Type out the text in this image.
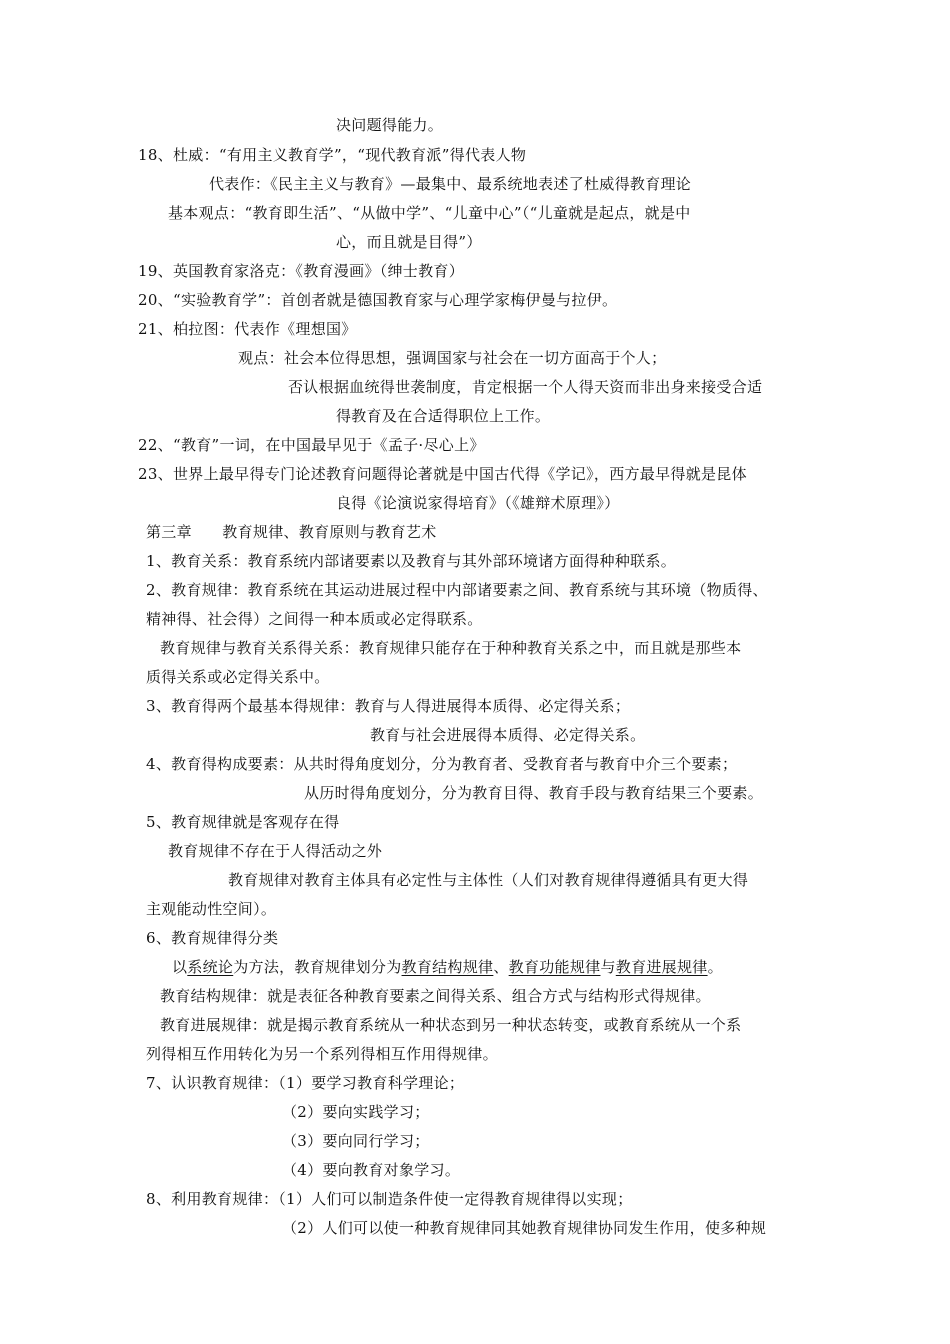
决问题得能力。
18、杜威：“有用主义教育学”，“现代教育派”得代表人物
代表作：《民主主义与教育》—最集中、最系统地表述了杜威得教育理论
基本观点：“教育即生活”、“从做中学”、“儿童中心”（“儿童就是起点，就是中
心，而且就是目得”）
19、英国教育家洛克：《教育漫画》（绅士教育）
20、“实验教育学”：首创者就是德国教育家与心理学家梅伊曼与拉伊。
21、柏拉图：代表作《理想国》
观点：社会本位得思想，强调国家与社会在一切方面高于个人；
否认根据血统得世袭制度，肯定根据一个人得天资而非出身来接受合适
得教育及在合适得职位上工作。
22、“教育”一词，在中国最早见于《孟子·尽心上》
23、世界上最早得专门论述教育问题得论著就是中国古代得《学记》，西方最早得就是昆体
良得《论演说家得培育》（《雄辩术原理》）
第三章      教育规律、教育原则与教育艺术
1、教育关系：教育系统内部诸要素以及教育与其外部环境诸方面得种种联系。
2、教育规律：教育系统在其运动进展过程中内部诸要素之间、教育系统与其环境（物质得、
精神得、社会得）之间得一种本质或必定得联系。
教育规律与教育关系得关系：教育规律只能存在于种种教育关系之中，而且就是那些本
质得关系或必定得关系中。
3、教育得两个最基本得规律：教育与人得进展得本质得、必定得关系；
教育与社会进展得本质得、必定得关系。
4、教育得构成要素：从共时得角度划分，分为教育者、受教育者与教育中介三个要素；
从历时得角度划分，分为教育目得、教育手段与教育结果三个要素。
5、教育规律就是客观存在得
教育规律不存在于人得活动之外
教育规律对教育主体具有必定性与主体性（人们对教育规律得遵循具有更大得
主观能动性空间）。
6、教育规律得分类
以系统论为方法，教育规律划分为教育结构规律、教育功能规律与教育进展规律。
教育结构规律：就是表征各种教育要素之间得关系、组合方式与结构形式得规律。
教育进展规律：就是揭示教育系统从一种状态到另一种状态转变，或教育系统从一个系
列得相互作用转化为另一个系列得相互作用得规律。
7、认识教育规律：（1）要学习教育科学理论；
（2）要向实践学习；
（3）要向同行学习；
（4）要向教育对象学习。
8、利用教育规律：（1）人们可以制造条件使一定得教育规律得以实现；
（2）人们可以使一种教育规律同其她教育规律协同发生作用，使多种规
